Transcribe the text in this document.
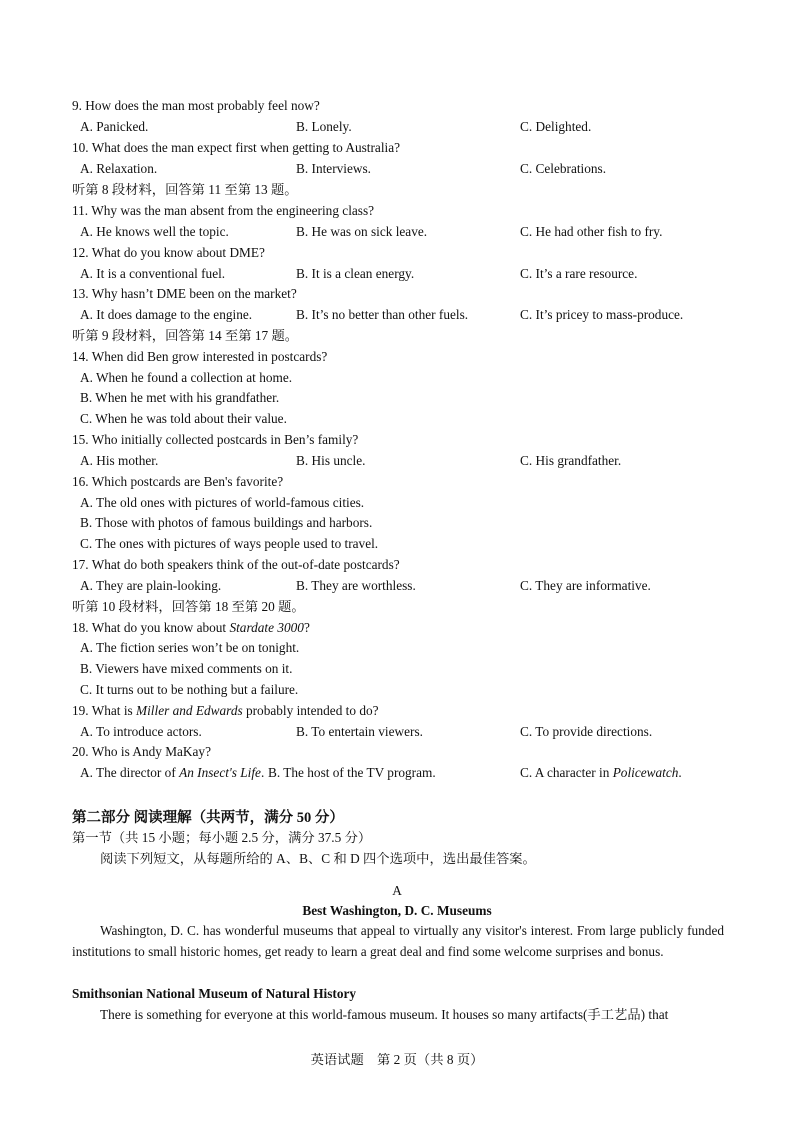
9. How does the man most probably feel now?
A. Panicked.	B. Lonely.	C. Delighted.
10. What does the man expect first when getting to Australia?
A. Relaxation.	B. Interviews.	C. Celebrations.
听第 8 段材料，回答第 11 至第 13 题。
11. Why was the man absent from the engineering class?
A. He knows well the topic.	B. He was on sick leave.	C. He had other fish to fry.
12. What do you know about DME?
A. It is a conventional fuel.	B. It is a clean energy.	C. It’s a rare resource.
13. Why hasn’t DME been on the market?
A. It does damage to the engine.	B. It’s no better than other fuels.	C. It’s pricey to mass-produce.
听第 9 段材料，回答第 14 至第 17 题。
14. When did Ben grow interested in postcards?
A. When he found a collection at home.
B. When he met with his grandfather.
C. When he was told about their value.
15. Who initially collected postcards in Ben’s family?
A. His mother.	B. His uncle.	C. His grandfather.
16. Which postcards are Ben's favorite?
A. The old ones with pictures of world-famous cities.
B. Those with photos of famous buildings and harbors.
C. The ones with pictures of ways people used to travel.
17. What do both speakers think of the out-of-date postcards?
A. They are plain-looking.	B. They are worthless.	C. They are informative.
听第 10 段材料，回答第 18 至第 20 题。
18. What do you know about Stardate 3000?
A. The fiction series won’t be on tonight.
B. Viewers have mixed comments on it.
C. It turns out to be nothing but a failure.
19. What is Miller and Edwards probably intended to do?
A. To introduce actors.	B. To entertain viewers.	C. To provide directions.
20. Who is Andy MaKay?
A. The director of An Insect's Life. B. The host of the TV program.	C. A character in Policewatch.
第二部分 阅读理解（共两节，满分 50 分）
第一节（共 15 小题；每小题 2.5 分，满分 37.5 分）
阅读下列短文，从每题所给的 A、B、C 和 D 四个选项中，选出最佳答案。
A
Best Washington, D. C. Museums
Washington, D. C. has wonderful museums that appeal to virtually any visitor's interest. From large publicly funded institutions to small historic homes, get ready to learn a great deal and find some welcome surprises and bonus.
Smithsonian National Museum of Natural History
There is something for everyone at this world-famous museum. It houses so many artifacts(手工艺品) that
英语试题　第 2 页（共 8 页）
